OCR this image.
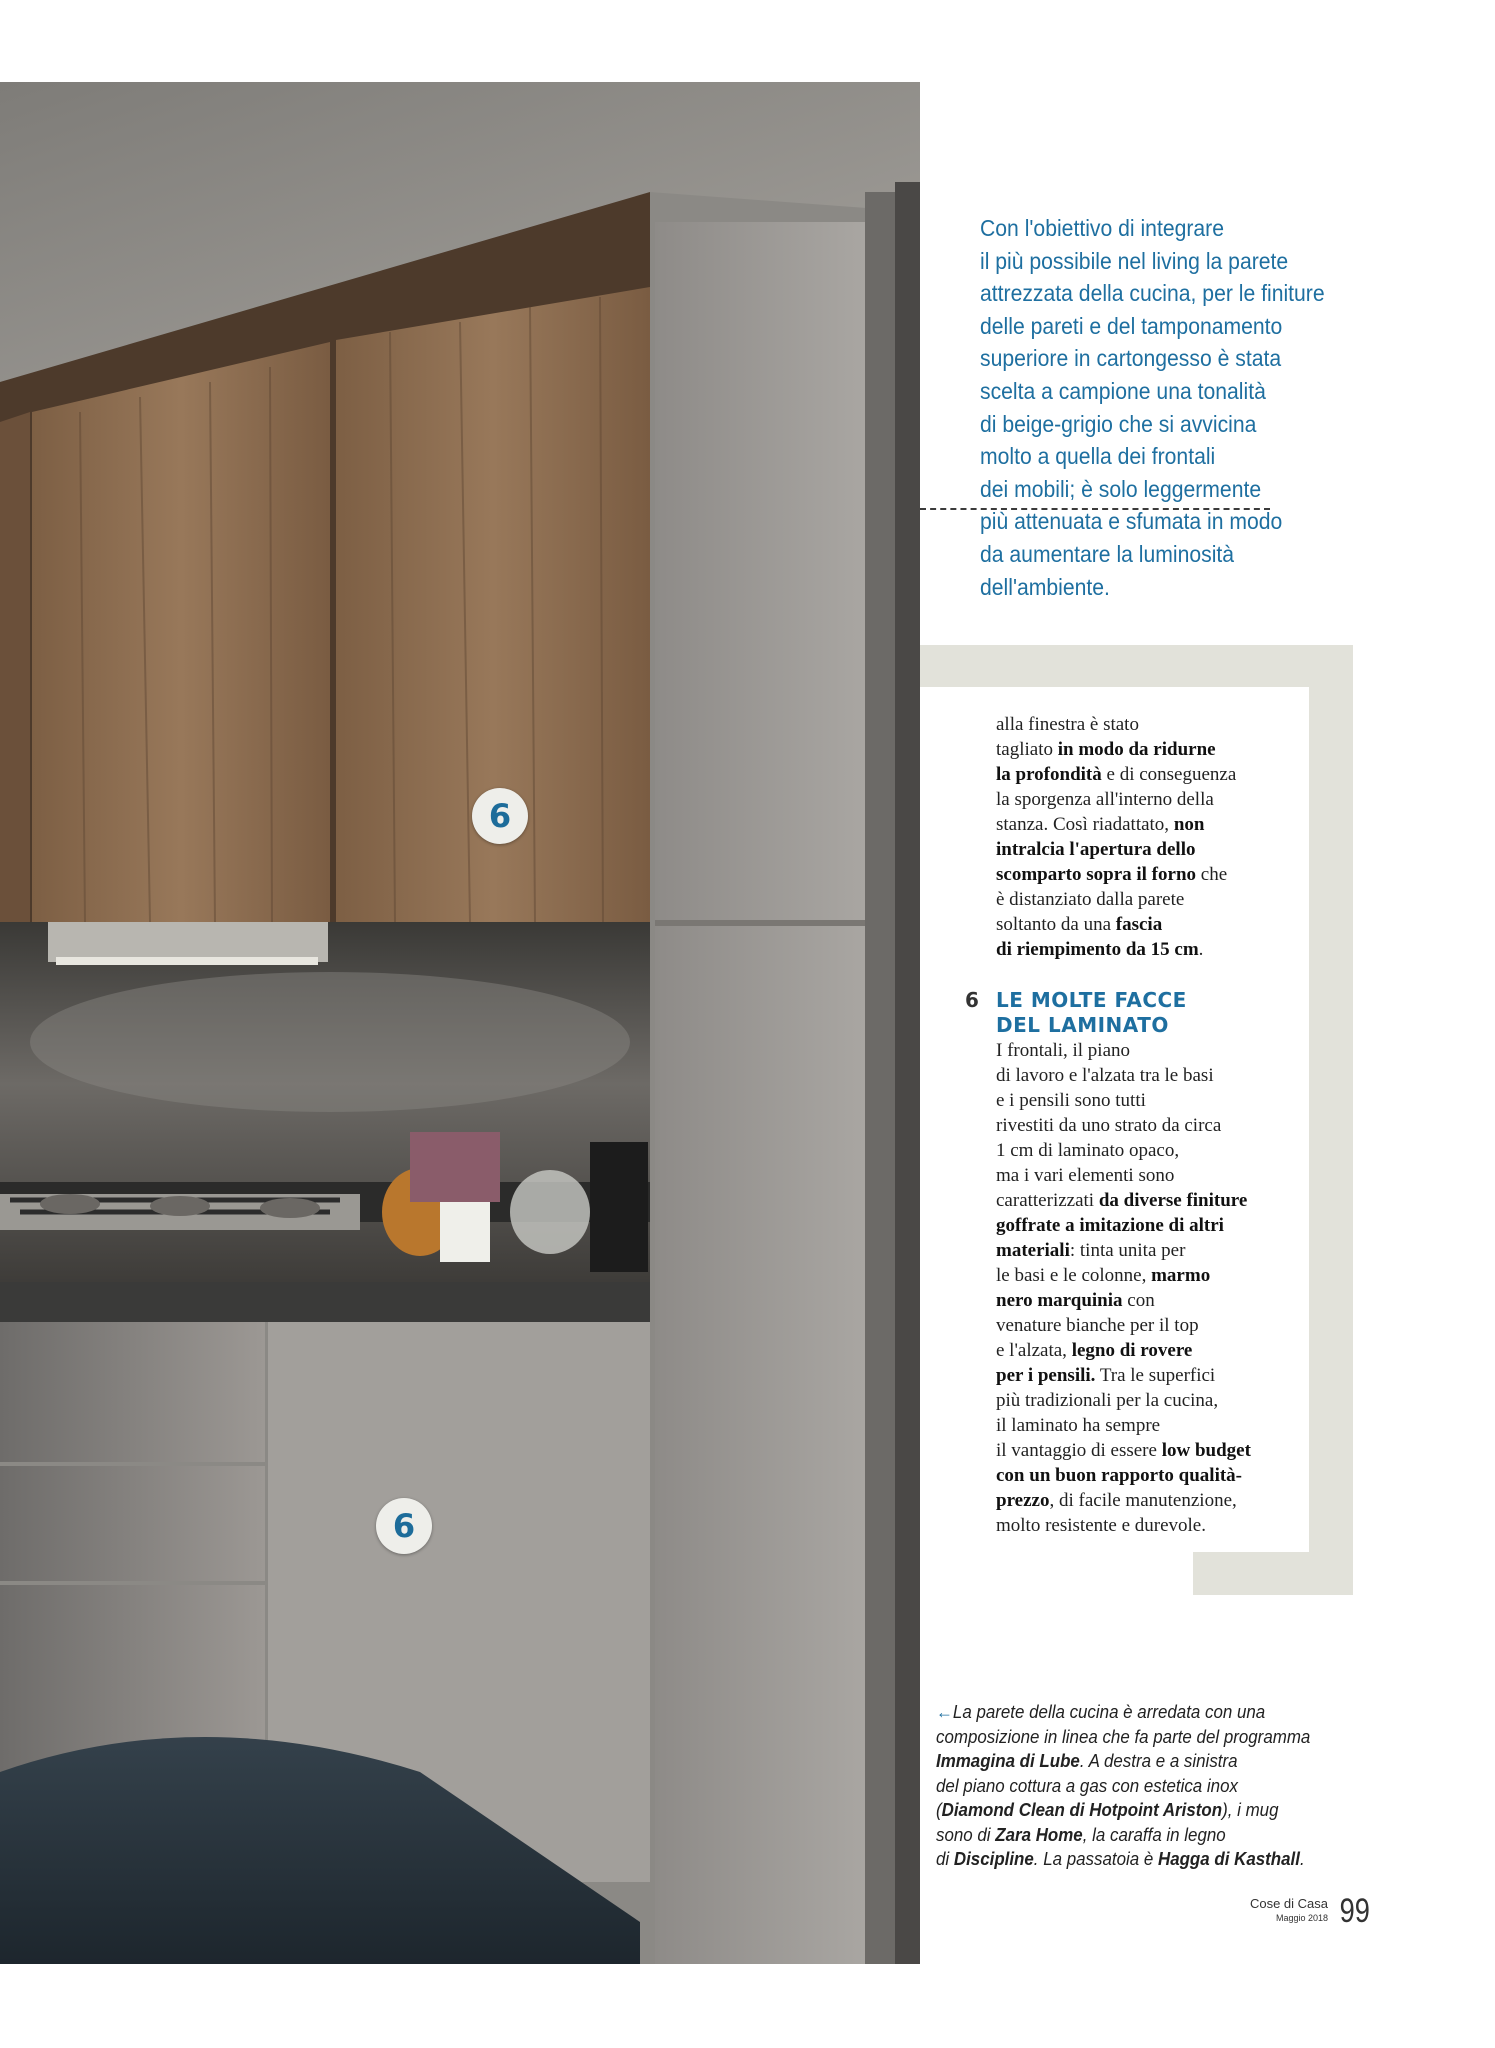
6
6
Con l'obiettivo di integrare
il più possibile nel living la parete
attrezzata della cucina, per le finiture
delle pareti e del tamponamento
superiore in cartongesso è stata
scelta a campione una tonalità
di beige-grigio che si avvicina
molto a quella dei frontali
dei mobili; è solo leggermente
più attenuata e sfumata in modo
da aumentare la luminosità
dell'ambiente.
alla finestra è stato
tagliato in modo da ridurne
la profondità e di conseguenza
la sporgenza all'interno della
stanza. Così riadattato, non
intralcia l'apertura dello
scomparto sopra il forno che
è distanziato dalla parete
soltanto da una fascia
di riempimento da 15 cm.
6 LE MOLTE FACCE
DEL LAMINATO
I frontali, il piano
di lavoro e l'alzata tra le basi
e i pensili sono tutti
rivestiti da uno strato da circa
1 cm di laminato opaco,
ma i vari elementi sono
caratterizzati da diverse finiture
goffrate a imitazione di altri
materiali: tinta unita per
le basi e le colonne, marmo
nero marquinia con
venature bianche per il top
e l'alzata, legno di rovere
per i pensili. Tra le superfici
più tradizionali per la cucina,
il laminato ha sempre
il vantaggio di essere low budget
con un buon rapporto qualità-
prezzo, di facile manutenzione,
molto resistente e durevole.
←La parete della cucina è arredata con una
composizione in linea che fa parte del programma
Immagina di Lube. A destra e a sinistra
del piano cottura a gas con estetica inox
(Diamond Clean di Hotpoint Ariston), i mug
sono di Zara Home, la caraffa in legno
di Discipline. La passatoia è Hagga di Kasthall.
Cose di Casa
Maggio 2018 99
